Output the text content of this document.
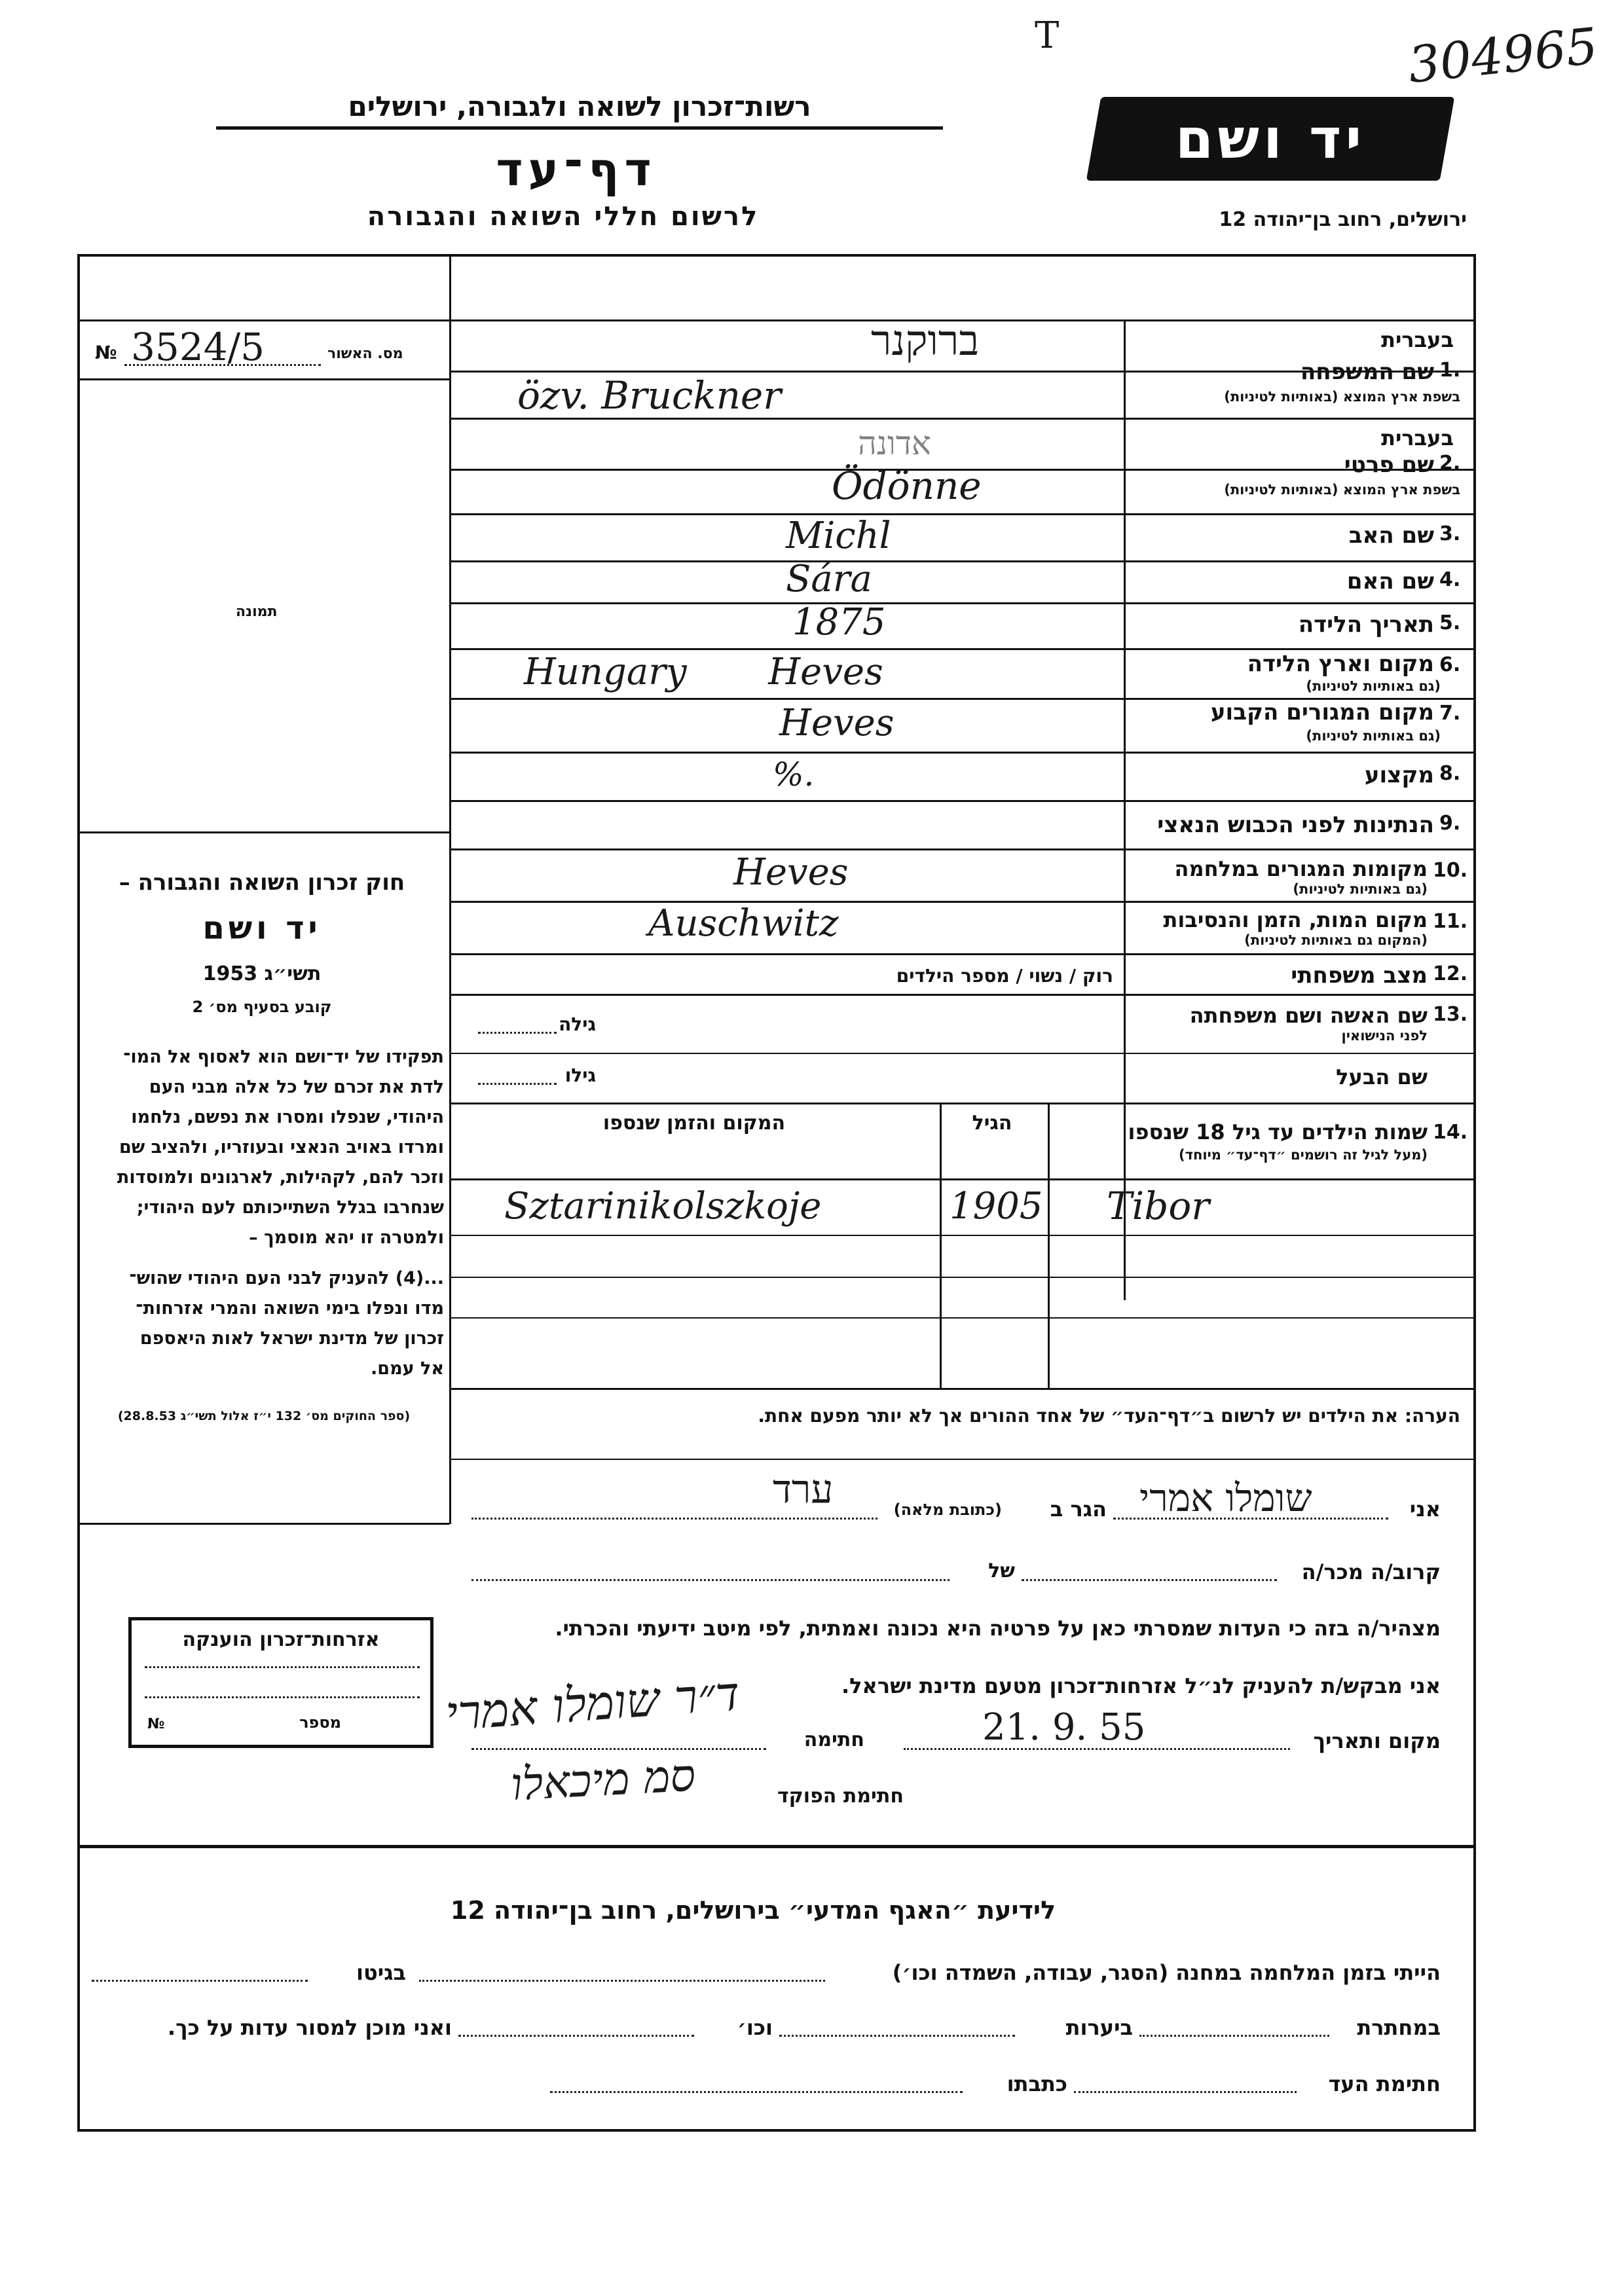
304965
T
רשות־זכרון לשואה ולגבורה, ירושלים
דף־עד
לרשום חללי השואה והגבורה
יד ושם
ירושלים, רחוב בן־יהודה 12
מס. האשור
№ 3524/5
תמונה
חוק זכרון השואה והגבורה –
יד ושם
תשי״ג 1953
קובע בסעיף מס׳ 2
תפקידו של יד־ושם הוא לאסוף אל המו־
לדת את זכרם של כל אלה מבני העם
היהודי, שנפלו ומסרו את נפשם, נלחמו
ומרדו באויב הנאצי ובעוזריו, ולהציב שם
וזכר להם, לקהילות, לארגונים ולמוסדות
שנחרבו בגלל השתייכותם לעם היהודי;
ולמטרה זו יהא מוסמך –
...(4) להעניק לבני העם היהודי שהוש־
מדו ונפלו בימי השואה והמרי אזרחות־
זכרון של מדינת ישראל לאות היאספם
אל עמם.
(ספר החוקים מס׳ 132 י״ז אלול תשי״ג 28.8.53)
בעברית
ברוקנר
1.
שם המשפחה
בשפת ארץ המוצא (באותיות לטיניות)
özv. Bruckner
בעברית
אדונה
2.
שם פרטי
בשפת ארץ המוצא (באותיות לטיניות)
Ödönne
3.
שם האב
Michl
4.
שם האם
Sára
5.
תאריך הלידה
1875
6.
מקום וארץ הלידה
(גם באותיות לטיניות)
Hungary       Heves
7.
מקום המגורים הקבוע
(גם באותיות לטיניות)
Heves
8.
מקצוע
%.
9.
הנתינות לפני הכבוש הנאצי
10.
מקומות המגורים במלחמה
(גם באותיות לטיניות)
Heves
11.
מקום המות, הזמן והנסיבות
(המקום גם באותיות לטיניות)
Auschwitz
12.
מצב משפחתי
רוק / נשוי / מספר הילדים
13.
שם האשה ושם משפחתה
לפני הנישואין
גילה
שם הבעל
גילו
14.
שמות הילדים עד גיל 18 שנספו
(מעל לגיל זה רושמים ״דף־עד״ מיוחד)
הגיל
המקום והזמן שנספו
Tibor
1905
Sztarinikolszkoje
הערה: את הילדים יש לרשום ב״דף־העד״ של אחד ההורים אך לא יותר מפעם אחת.
אני
שומלו אמרי
הגר ב
(כתובת מלאה)
ערד
קרוב/ה מכר/ה
של
מצהיר/ה בזה כי העדות שמסרתי כאן על פרטיה היא נכונה ואמתית, לפי מיטב ידיעתי והכרתי.
אני מבקש/ת להעניק לנ״ל אזרחות־זכרון מטעם מדינת ישראל.
מקום ותאריך
21. 9. 55
חתימה
ד״ר שומלו אמרי
חתימת הפוקד
סמ מיכאלו
אזרחות־זכרון הוענקה
מספר
№
לידיעת ״האגף המדעי״ בירושלים, רחוב בן־יהודה 12
הייתי בזמן המלחמה במחנה (הסגר, עבודה, השמדה וכו׳)
בגיטו
במחתרת
ביערות
וכו׳
ואני מוכן למסור עדות על כך.
חתימת העד
כתבתו
